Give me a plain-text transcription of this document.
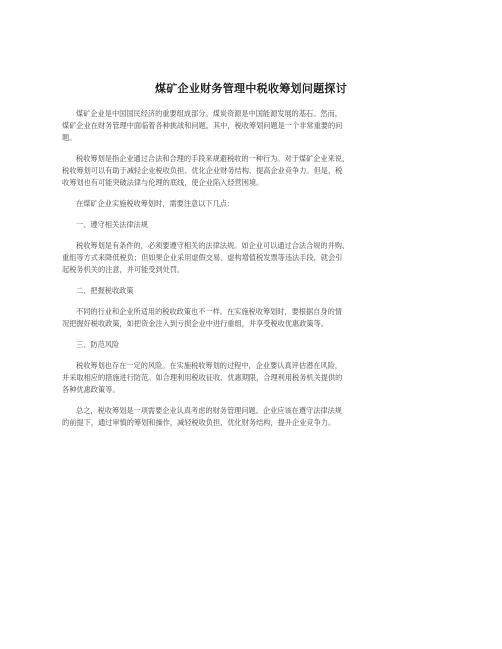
煤矿企业财务管理中税收筹划问题探讨

煤矿企业是中国国民经济的重要组成部分。煤炭资源是中国能源发展的基石。然而，
煤矿企业在财务管理中面临着各种挑战和问题。其中，税收筹划问题是一个非常重要的问
题。

税收筹划是指企业通过合法和合理的手段来规避税收的一种行为。对于煤矿企业来说，
税收筹划可以有助于减轻企业税收负担、优化企业财务结构、提高企业竞争力。但是，税
收筹划也有可能突破法律与伦理的底线，使企业陷入经营困境。

在煤矿企业实施税收筹划时，需要注意以下几点：

一、遵守相关法律法规

税收筹划是有条件的，必须要遵守相关的法律法规。如企业可以通过合法合规的并购、
重组等方式来降低税负；但如果企业采用虚假交易、虚构增值税发票等违法手段，就会引
起税务机关的注意，并可能受到处罚。

二、把握税收政策

不同的行业和企业所适用的税收政策也不一样。在实施税收筹划时，要根据自身的情
况把握好税收政策，如把资金注入到亏损企业中进行重组，并享受税收优惠政策等。

三、防范风险

税收筹划也存在一定的风险。在实施税收筹划的过程中，企业要认真评估潜在风险，
并采取相应的措施进行防范。如合理利用税收征收、优惠期限，合理利用税务机关提供的
各种优惠政策等。

总之，税收筹划是一项需要企业认真考虑的财务管理问题。企业应该在遵守法律法规
的前提下，通过审慎的筹划和操作，减轻税收负担、优化财务结构，提升企业竞争力。
